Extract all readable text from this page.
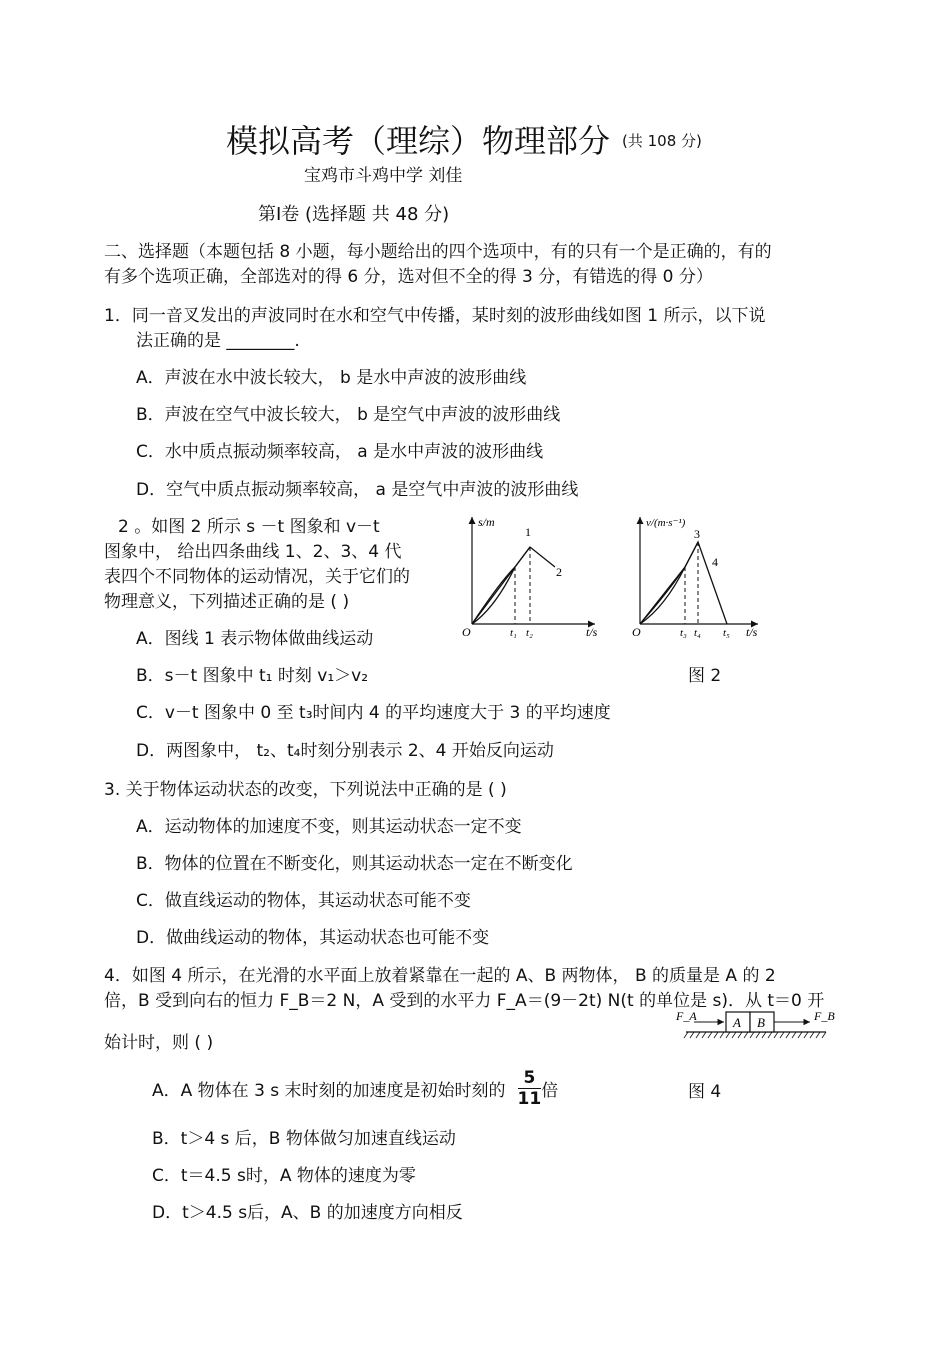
模拟高考（理综）物理部分 (共 108 分)
宝鸡市斗鸡中学 刘佳
第Ⅰ卷 (选择题 共 48 分)
二、选择题（本题包括 8 小题，每小题给出的四个选项中，有的只有一个是正确的，有的
有多个选项正确，全部选对的得 6 分，选对但不全的得 3 分，有错选的得 0 分）
1．同一音叉发出的声波同时在水和空气中传播，某时刻的波形曲线如图 1 所示，以下说
法正确的是 ________.
A．声波在水中波长较大， b 是水中声波的波形曲线
B．声波在空气中波长较大， b 是空气中声波的波形曲线
C．水中质点振动频率较高， a 是水中声波的波形曲线
D．空气中质点振动频率较高， a 是空气中声波的波形曲线
2 。如图 2 所示 s －t 图象和 v－t
图象中， 给出四条曲线 1、2、3、4 代
表四个不同物体的运动情况，关于它们的
物理意义，下列描述正确的是 ( )
s/m
t/s
O
1
2
t₁ t₂
v/(m·s⁻¹)
t/s
O
3
4
t₃ t₄ t₅
A．图线 1 表示物体做曲线运动
B．s－t 图象中 t₁ 时刻 v₁＞v₂	图 2
C．v－t 图象中 0 至 t₃时间内 4 的平均速度大于 3 的平均速度
D．两图象中， t₂、t₄时刻分别表示 2、4 开始反向运动
3. 关于物体运动状态的改变，下列说法中正确的是 ( )
A．运动物体的加速度不变，则其运动状态一定不变
B．物体的位置在不断变化，则其运动状态一定在不断变化
C．做直线运动的物体，其运动状态可能不变
D．做曲线运动的物体，其运动状态也可能不变
4．如图 4 所示，在光滑的水平面上放着紧靠在一起的 A、B 两物体， B 的质量是 A 的 2
倍，B 受到向右的恒力 F_B＝2 N，A 受到的水平力 F_A＝(9－2t) N(t 的单位是 s)．从 t＝0 开
始计时，则 ( )
A B
F_A	F_B
A．A 物体在 3 s 末时刻的加速度是初始时刻的 $\frac{5}{11}$ 倍	图 4
B．t＞4 s 后，B 物体做匀加速直线运动
C．t＝4.5 s时，A 物体的速度为零
D．t＞4.5 s后，A、B 的加速度方向相反
